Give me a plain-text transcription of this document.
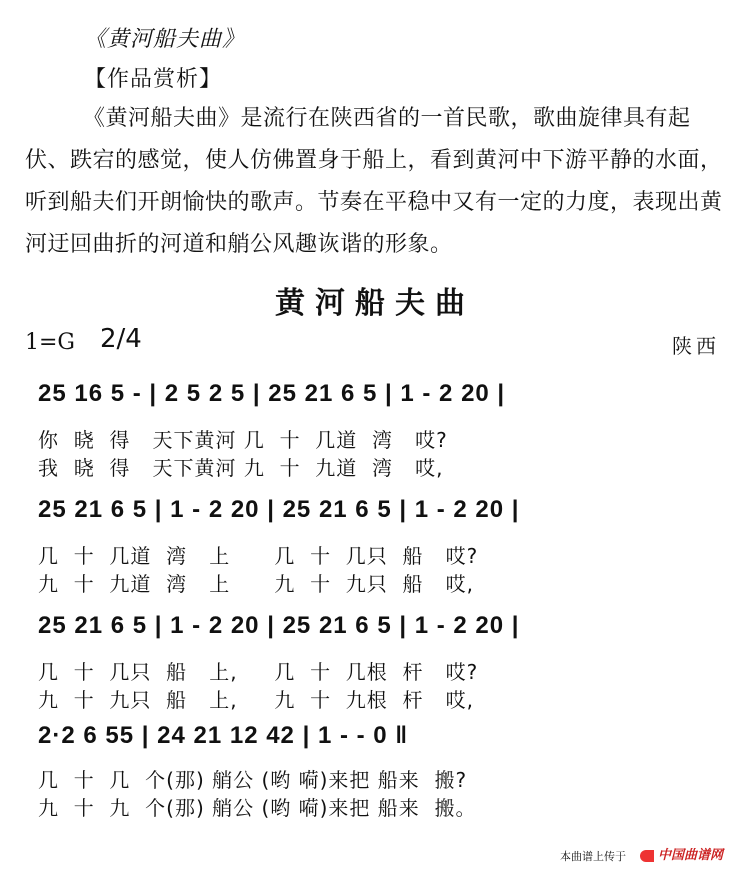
《黄河船夫曲》
【作品赏析】
《黄河船夫曲》是流行在陕西省的一首民歌，歌曲旋律具有起伏、跌宕的感觉，使人仿佛置身于船上，看到黄河中下游平静的水面，听到船夫们开朗愉快的歌声。节奏在平稳中又有一定的力度，表现出黄河迂回曲折的河道和艄公风趣诙谐的形象。
黄河船夫曲
1=G 2/4	陕西
25 16 5 - | 2 5 2 5 | 25 21 6 5 | 1 - 2 20 |
你  晓  得   天下黄河 几  十  几道  湾   哎?
我  晓  得   天下黄河 九  十  九道  湾   哎,
25 21 6 5 | 1 - 2 20 | 25 21 6 5 | 1 - 2 20 |
几  十  几道  湾   上      几  十  几只  船   哎?
九  十  九道  湾   上      九  十  九只  船   哎,
25 21 6 5 | 1 - 2 20 | 25 21 6 5 | 1 - 2 20 |
几  十  几只  船   上,     几  十  几根  杆   哎?
九  十  九只  船   上,     九  十  九根  杆   哎,
2·2 6 55 | 24 21 12 42 | 1 - - 0 ‖
几  十  几  个(那) 艄公 (哟 嗬)来把 船来  搬?
九  十  九  个(那) 艄公 (哟 嗬)来把 船来  搬。
本曲谱上传于	中国曲谱网
